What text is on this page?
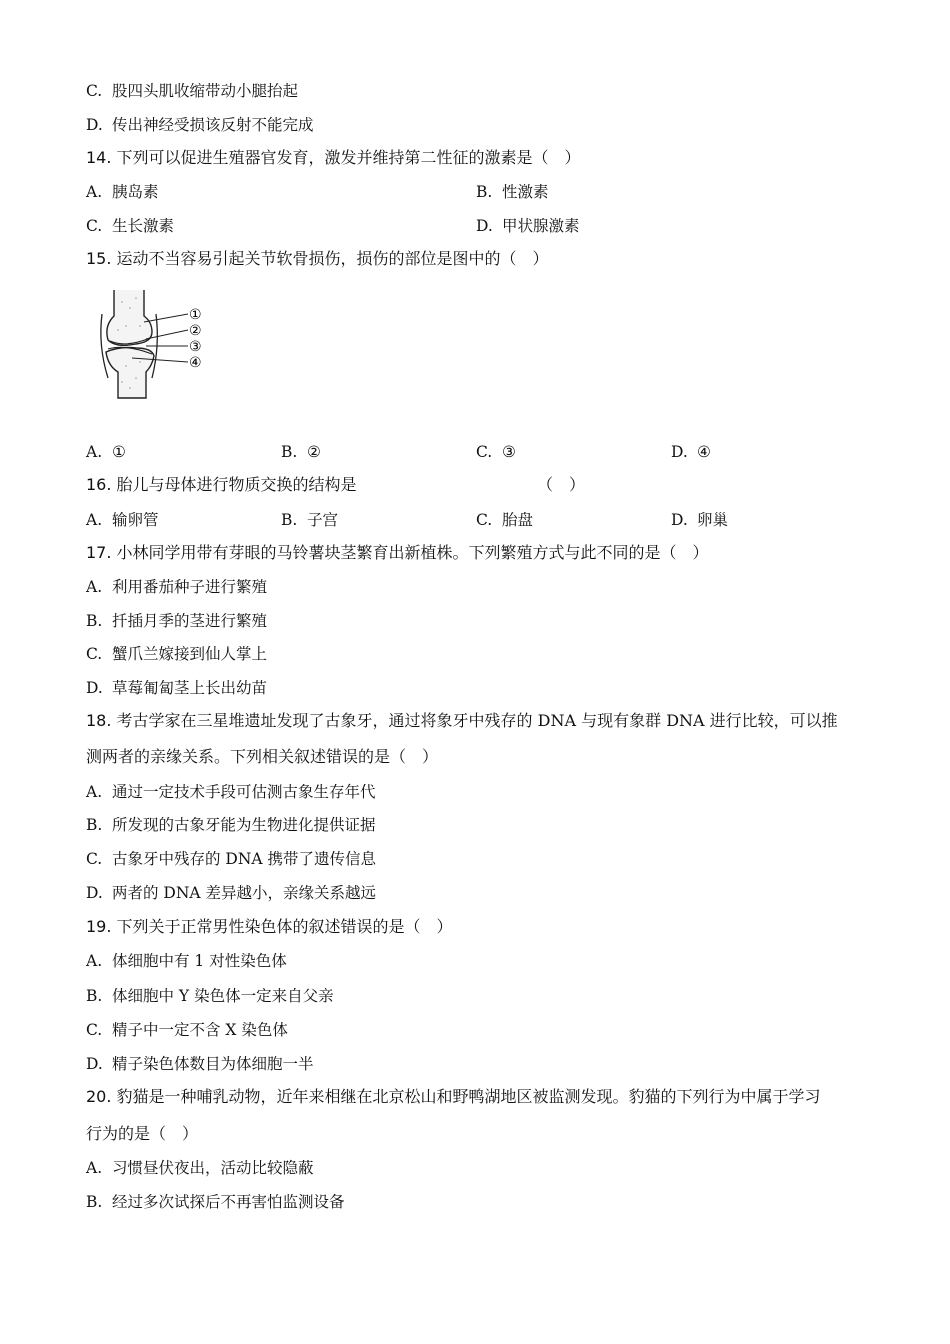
C. 股四头肌收缩带动小腿抬起
D. 传出神经受损该反射不能完成
14. 下列可以促进生殖器官发育，激发并维持第二性征的激素是（　）
A. 胰岛素	B. 性激素
C. 生长激素	D. 甲状腺激素
15. 运动不当容易引起关节软骨损伤，损伤的部位是图中的（　）
①
②
③
④
A. ①	B. ②	C. ③	D. ④
16. 胎儿与母体进行物质交换的结构是	（　）
A. 输卵管	B. 子宫	C. 胎盘	D. 卵巢
17. 小林同学用带有芽眼的马铃薯块茎繁育出新植株。下列繁殖方式与此不同的是（　）
A. 利用番茄种子进行繁殖
B. 扦插月季的茎进行繁殖
C. 蟹爪兰嫁接到仙人掌上
D. 草莓匍匐茎上长出幼苗
18. 考古学家在三星堆遗址发现了古象牙，通过将象牙中残存的 DNA 与现有象群 DNA 进行比较，可以推
测两者的亲缘关系。下列相关叙述错误的是（　）
A. 通过一定技术手段可估测古象生存年代
B. 所发现的古象牙能为生物进化提供证据
C. 古象牙中残存的 DNA 携带了遗传信息
D. 两者的 DNA 差异越小，亲缘关系越远
19. 下列关于正常男性染色体的叙述错误的是（　）
A. 体细胞中有 1 对性染色体
B. 体细胞中 Y 染色体一定来自父亲
C. 精子中一定不含 X 染色体
D. 精子染色体数目为体细胞一半
20. 豹猫是一种哺乳动物，近年来相继在北京松山和野鸭湖地区被监测发现。豹猫的下列行为中属于学习
行为的是（　）
A. 习惯昼伏夜出，活动比较隐蔽
B. 经过多次试探后不再害怕监测设备
